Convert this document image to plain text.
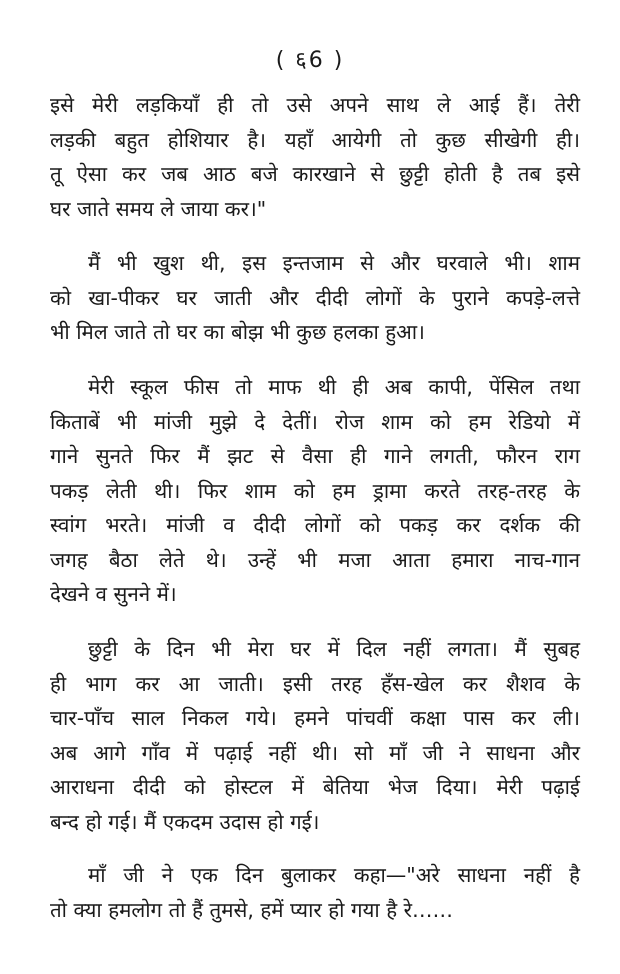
( ६6 )
इसे मेरी लड़कियाँ ही तो उसे अपने साथ ले आई हैं। तेरी
लड़की बहुत होशियार है। यहाँ आयेगी तो कुछ सीखेगी ही।
तू ऐसा कर जब आठ बजे कारखाने से छुट्टी होती है तब इसे
घर जाते समय ले जाया कर।"
मैं भी खुश थी, इस इन्तजाम से और घरवाले भी। शाम
को खा-पीकर घर जाती और दीदी लोगों के पुराने कपड़े-लत्ते
भी मिल जाते तो घर का बोझ भी कुछ हलका हुआ।
मेरी स्कूल फीस तो माफ थी ही अब कापी, पेंसिल तथा
किताबें भी मांजी मुझे दे देतीं। रोज शाम को हम रेडियो में
गाने सुनते फिर मैं झट से वैसा ही गाने लगती, फौरन राग
पकड़ लेती थी। फिर शाम को हम ड्रामा करते तरह-तरह के
स्वांग भरते। मांजी व दीदी लोगों को पकड़ कर दर्शक की
जगह बैठा लेते थे। उन्हें भी मजा आता हमारा नाच-गान
देखने व सुनने में।
छुट्टी के दिन भी मेरा घर में दिल नहीं लगता। मैं सुबह
ही भाग कर आ जाती। इसी तरह हँस-खेल कर शैशव के
चार-पाँच साल निकल गये। हमने पांचवीं कक्षा पास कर ली।
अब आगे गाँव में पढ़ाई नहीं थी। सो माँ जी ने साधना और
आराधना दीदी को होस्टल में बेतिया भेज दिया। मेरी पढ़ाई
बन्द हो गई। मैं एकदम उदास हो गई।
माँ जी ने एक दिन बुलाकर कहा—"अरे साधना नहीं है
तो क्या हमलोग तो हैं तुमसे, हमें प्यार हो गया है रे……
